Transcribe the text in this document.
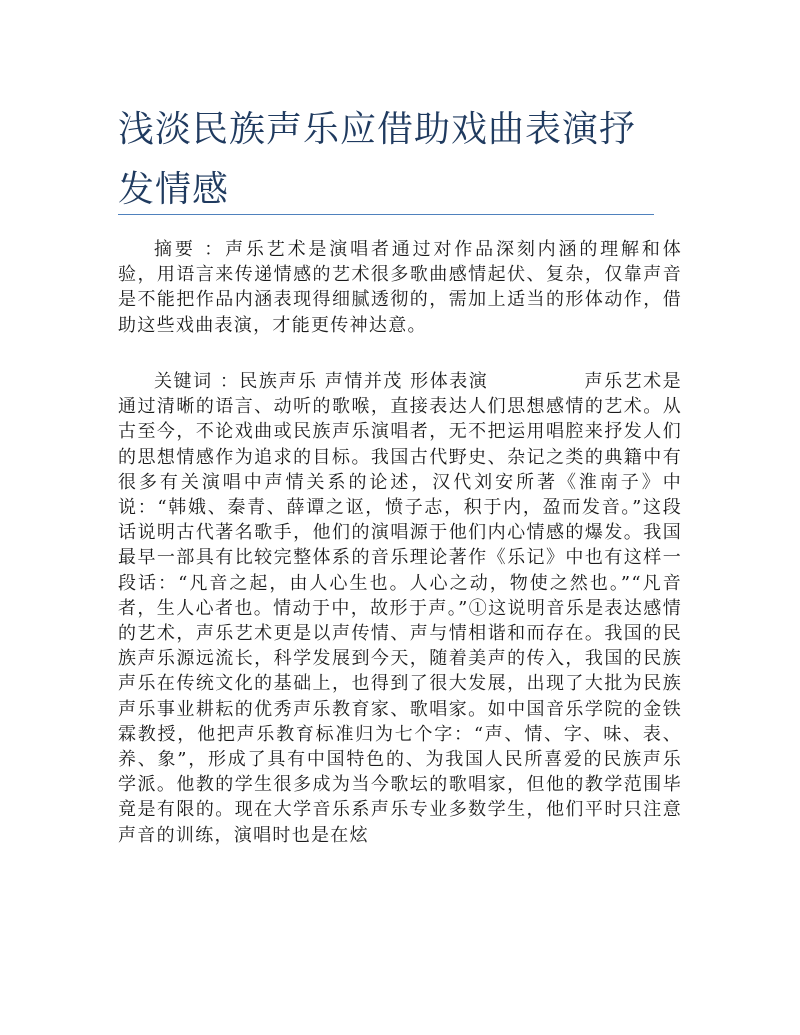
浅淡民族声乐应借助戏曲表演抒发情感

摘要 ：声乐艺术是演唱者通过对作品深刻内涵的理解和体验，用语言来传递情感的艺术很多歌曲感情起伏、复杂，仅靠声音是不能把作品内涵表现得细腻透彻的，需加上适当的形体动作，借助这些戏曲表演，才能更传神达意。

关键词 ：民族声乐 声情并茂 形体表演	声乐艺术是通过清晰的语言、动听的歌喉，直接表达人们思想感情的艺术。从古至今，不论戏曲或民族声乐演唱者，无不把运用唱腔来抒发人们的思想情感作为追求的目标。我国古代野史、杂记之类的典籍中有很多有关演唱中声情关系的论述，汉代刘安所著《淮南子》中说：“韩娥、秦青、薛谭之讴，愤子志，积于内，盈而发音。”这段话说明古代著名歌手，他们的演唱源于他们内心情感的爆发。我国最早一部具有比较完整体系的音乐理论著作《乐记》中也有这样一段话：“凡音之起，由人心生也。人心之动，物使之然也。”“凡音者，生人心者也。情动于中，故形于声。”①这说明音乐是表达感情的艺术，声乐艺术更是以声传情、声与情相谐和而存在。我国的民族声乐源远流长，科学发展到今天，随着美声的传入，我国的民族声乐在传统文化的基础上，也得到了很大发展，出现了大批为民族声乐事业耕耘的优秀声乐教育家、歌唱家。如中国音乐学院的金铁霖教授，他把声乐教育标准归为七个字：“声、情、字、味、表、养、象”，形成了具有中国特色的、为我国人民所喜爱的民族声乐学派。他教的学生很多成为当今歌坛的歌唱家，但他的教学范围毕竟是有限的。现在大学音乐系声乐专业多数学生，他们平时只注意声音的训练，演唱时也是在炫
